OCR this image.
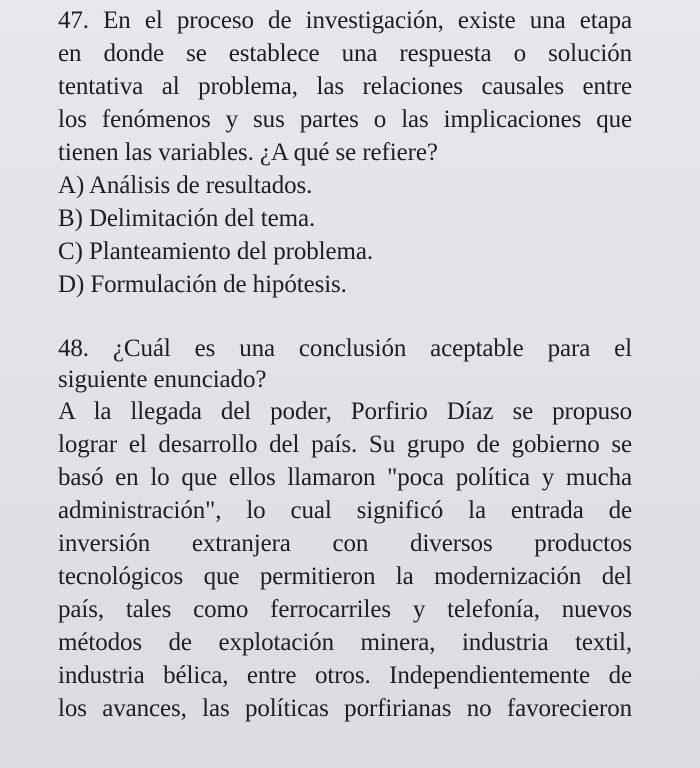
47. En el proceso de investigación, existe una etapa
en donde se establece una respuesta o solución
tentativa al problema, las relaciones causales entre
los fenómenos y sus partes o las implicaciones que
tienen las variables. ¿A qué se refiere?
A) Análisis de resultados.
B) Delimitación del tema.
C) Planteamiento del problema.
D) Formulación de hipótesis.
48. ¿Cuál es una conclusión aceptable para el
siguiente enunciado?
A la llegada del poder, Porfirio Díaz se propuso
lograr el desarrollo del país. Su grupo de gobierno se
basó en lo que ellos llamaron "poca política y mucha
administración", lo cual significó la entrada de
inversión extranjera con diversos productos
tecnológicos que permitieron la modernización del
país, tales como ferrocarriles y telefonía, nuevos
métodos de explotación minera, industria textil,
industria bélica, entre otros. Independientemente de
los avances, las políticas porfirianas no favorecieron
